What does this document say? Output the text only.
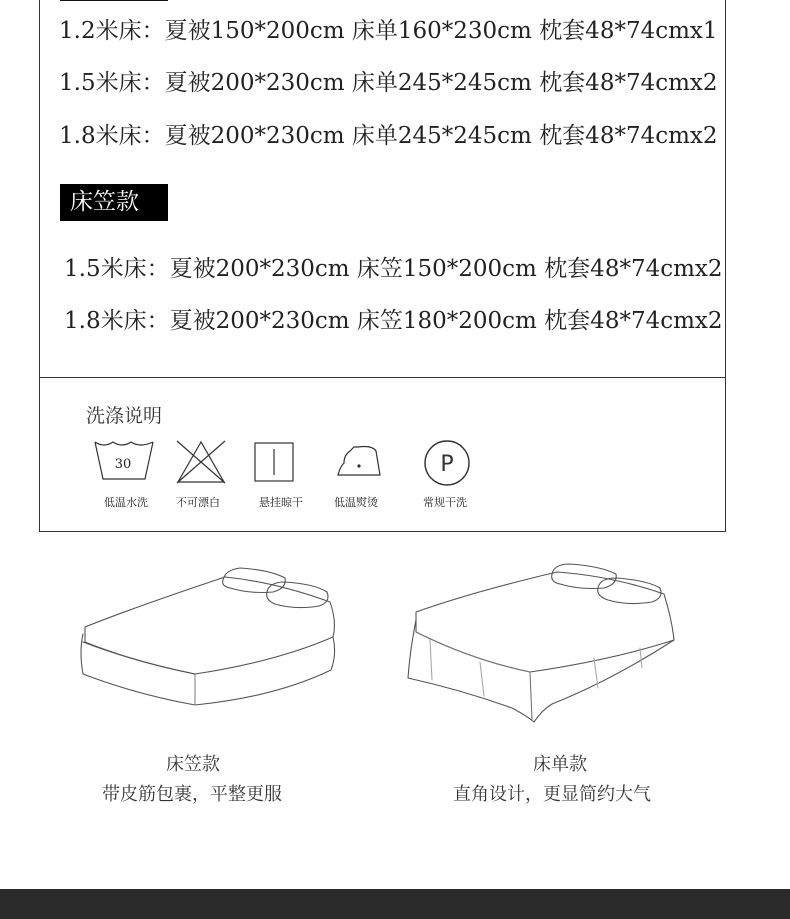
1.2米床：夏被150*200cm 床单160*230cm 枕套48*74cmx1
1.5米床：夏被200*230cm 床单245*245cm 枕套48*74cmx2
1.8米床：夏被200*230cm 床单245*245cm 枕套48*74cmx2
床笠款
1.5米床：夏被200*230cm 床笠150*200cm 枕套48*74cmx2
1.8米床：夏被200*230cm 床笠180*200cm 枕套48*74cmx2
洗涤说明
30
低温水洗	不可漂白	悬挂晾干	低温熨烫
P
常规干洗
床笠款
带皮筋包裹，平整更服
床单款
直角设计，更显简约大气
